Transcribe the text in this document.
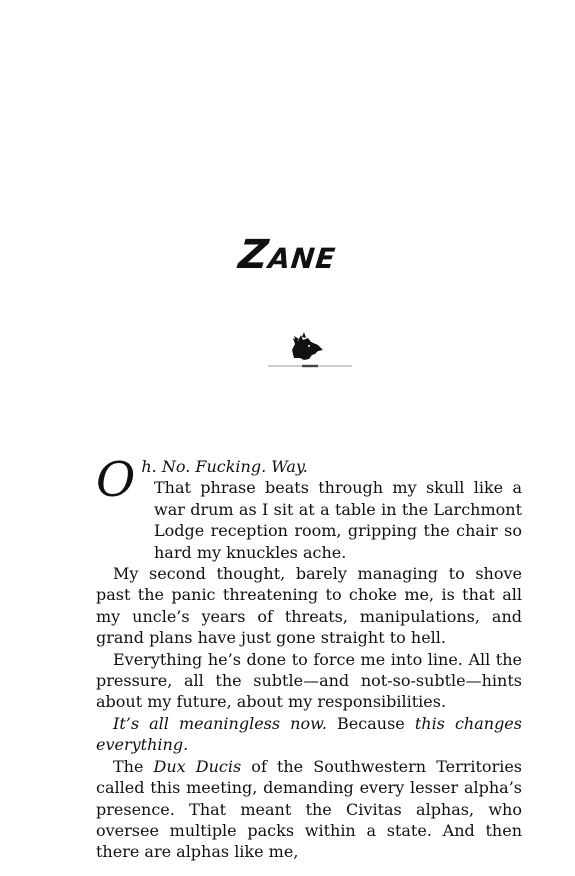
Zane

O h. No. Fucking. Way.
That phrase beats through my skull like a war drum as I sit at a table in the Larchmont Lodge reception room, gripping the chair so hard my knuckles ache.

My second thought, barely managing to shove past the panic threatening to choke me, is that all my uncle’s years of threats, manipulations, and grand plans have just gone straight to hell.

Everything he’s done to force me into line. All the pressure, all the subtle—and not-so-subtle—hints about my future, about my responsibilities.

It’s all meaningless now. Because this changes everything.

The Dux Ducis of the Southwestern Territories called this meeting, demanding every lesser alpha’s presence. That meant the Civitas alphas, who oversee multiple packs within a state. And then there are alphas like me,
